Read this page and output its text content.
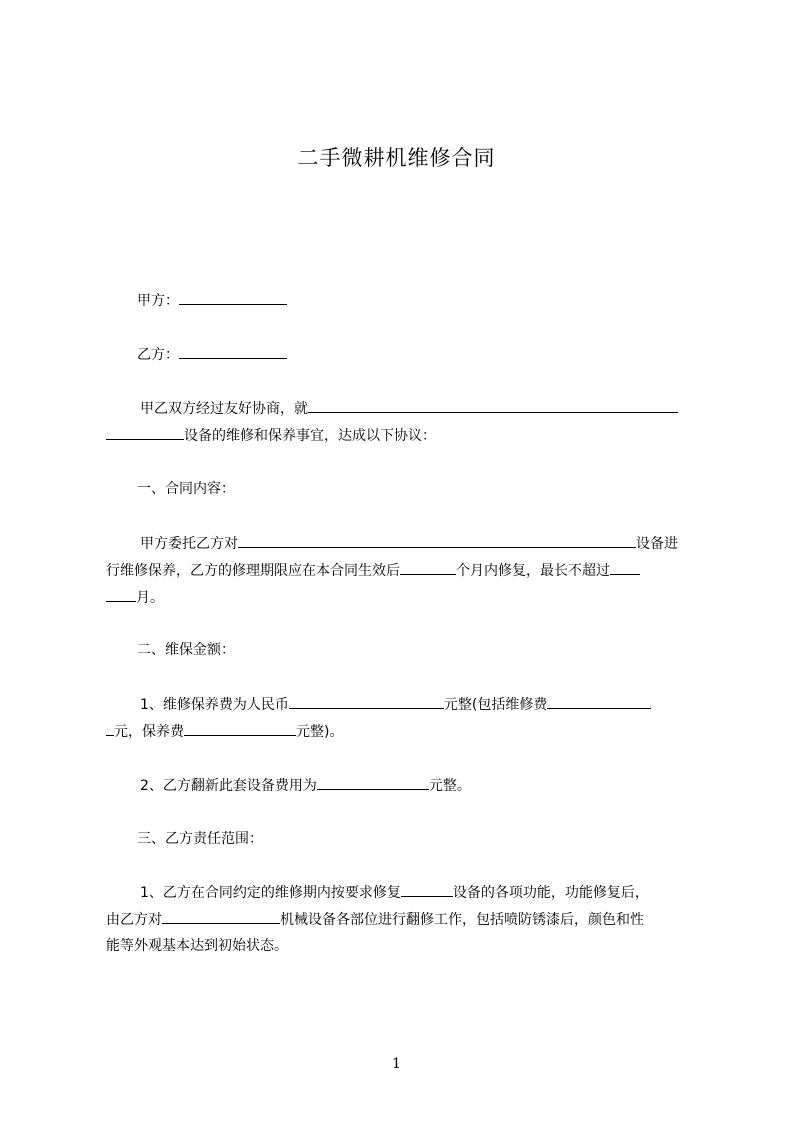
二手微耕机维修合同
甲方：
乙方：
甲乙双方经过友好协商，就
设备的维修和保养事宜，达成以下协议：
一、合同内容：
甲方委托乙方对	设备进
行维修保养，乙方的修理期限应在本合同生效后	个月内修复，最长不超过
月。
二、维保金额：
1、维修保养费为人民币	元整(包括维修费
元，保养费	元整)。
2、乙方翻新此套设备费用为	元整。
三、乙方责任范围：
1、乙方在合同约定的维修期内按要求修复	设备的各项功能，功能修复后，
由乙方对	机械设备各部位进行翻修工作，包括喷防锈漆后，颜色和性
能等外观基本达到初始状态。
1
